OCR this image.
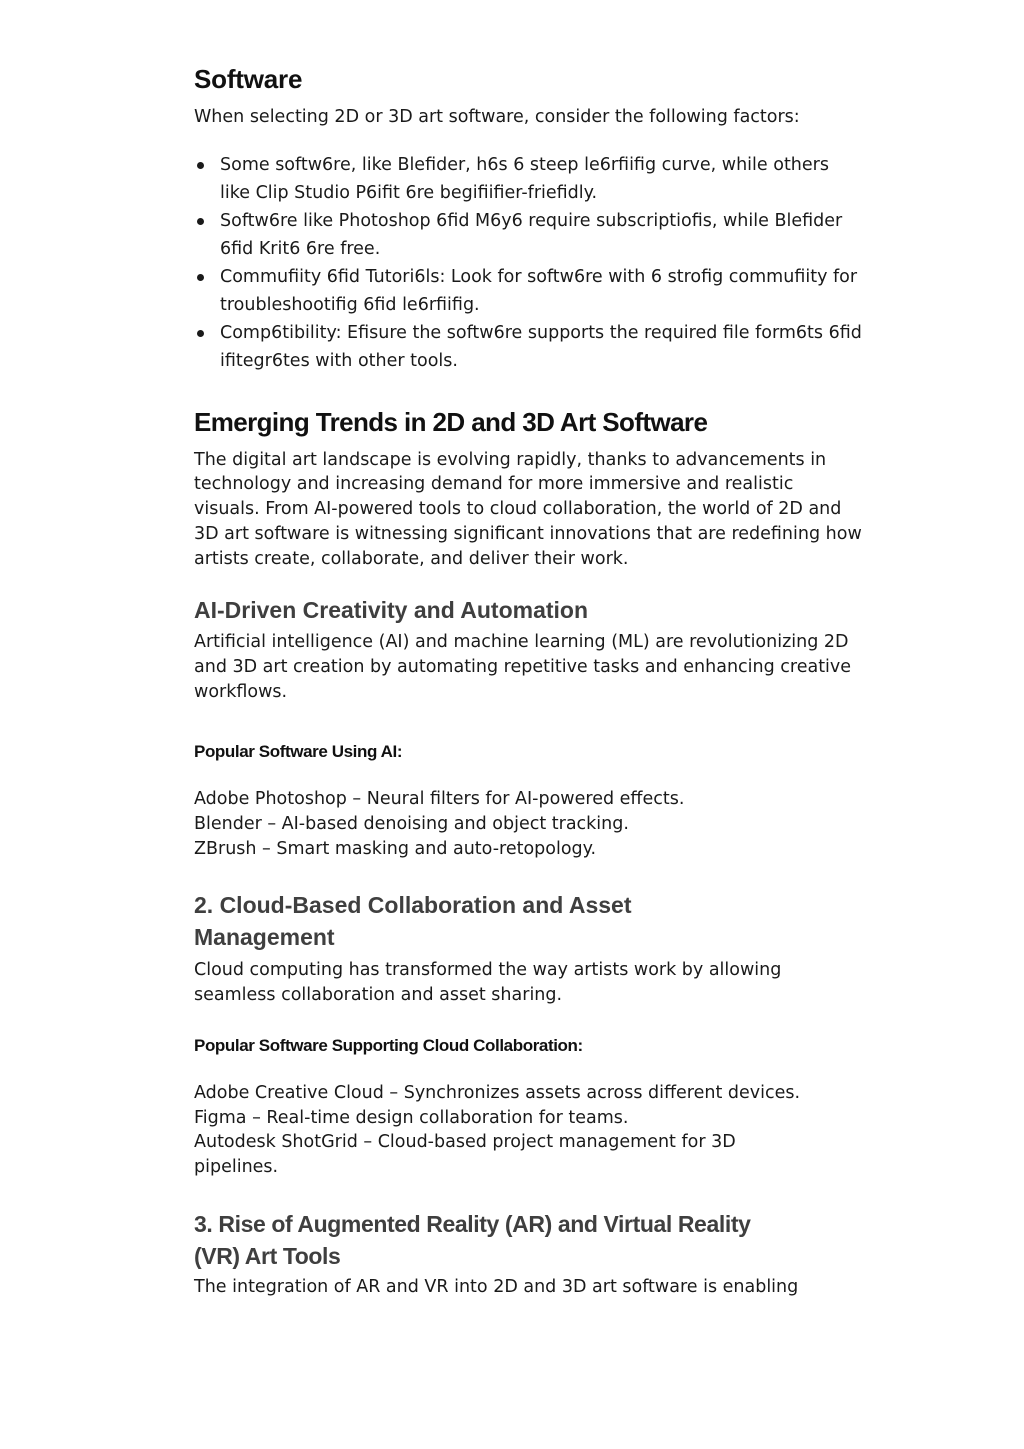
Software

When selecting 2D or 3D art software, consider the following factors:

Some softw6re, like Blefider, h6s 6 steep le6rfiifig curve, while others like Clip Studio P6ifit 6re begifiifier-friefidly.
Softw6re like Photoshop 6fid M6y6 require subscriptiofis, while Blefider 6fid Krit6 6re free.
Commufiity 6fid Tutori6ls: Look for softw6re with 6 strofig commufiity for troubleshootifig 6fid le6rfiifig.
Comp6tibility: Efisure the softw6re supports the required file form6ts 6fid ifitegr6tes with other tools.
Emerging Trends in 2D and 3D Art Software

The digital art landscape is evolving rapidly, thanks to advancements in technology and increasing demand for more immersive and realistic visuals. From AI-powered tools to cloud collaboration, the world of 2D and 3D art software is witnessing significant innovations that are redefining how artists create, collaborate, and deliver their work.

AI-Driven Creativity and Automation

Artificial intelligence (AI) and machine learning (ML) are revolutionizing 2D and 3D art creation by automating repetitive tasks and enhancing creative workflows.

Popular Software Using AI:
Adobe Photoshop – Neural filters for AI-powered effects.
Blender – AI-based denoising and object tracking.
ZBrush – Smart masking and auto-retopology.
2. Cloud-Based Collaboration and Asset
Management

Cloud computing has transformed the way artists work by allowing seamless collaboration and asset sharing.

Popular Software Supporting Cloud Collaboration:
Adobe Creative Cloud – Synchronizes assets across different devices.
Figma – Real-time design collaboration for teams.
Autodesk ShotGrid – Cloud-based project management for 3D pipelines.
3. Rise of Augmented Reality (AR) and Virtual Reality
(VR) Art Tools

The integration of AR and VR into 2D and 3D art software is enabling
